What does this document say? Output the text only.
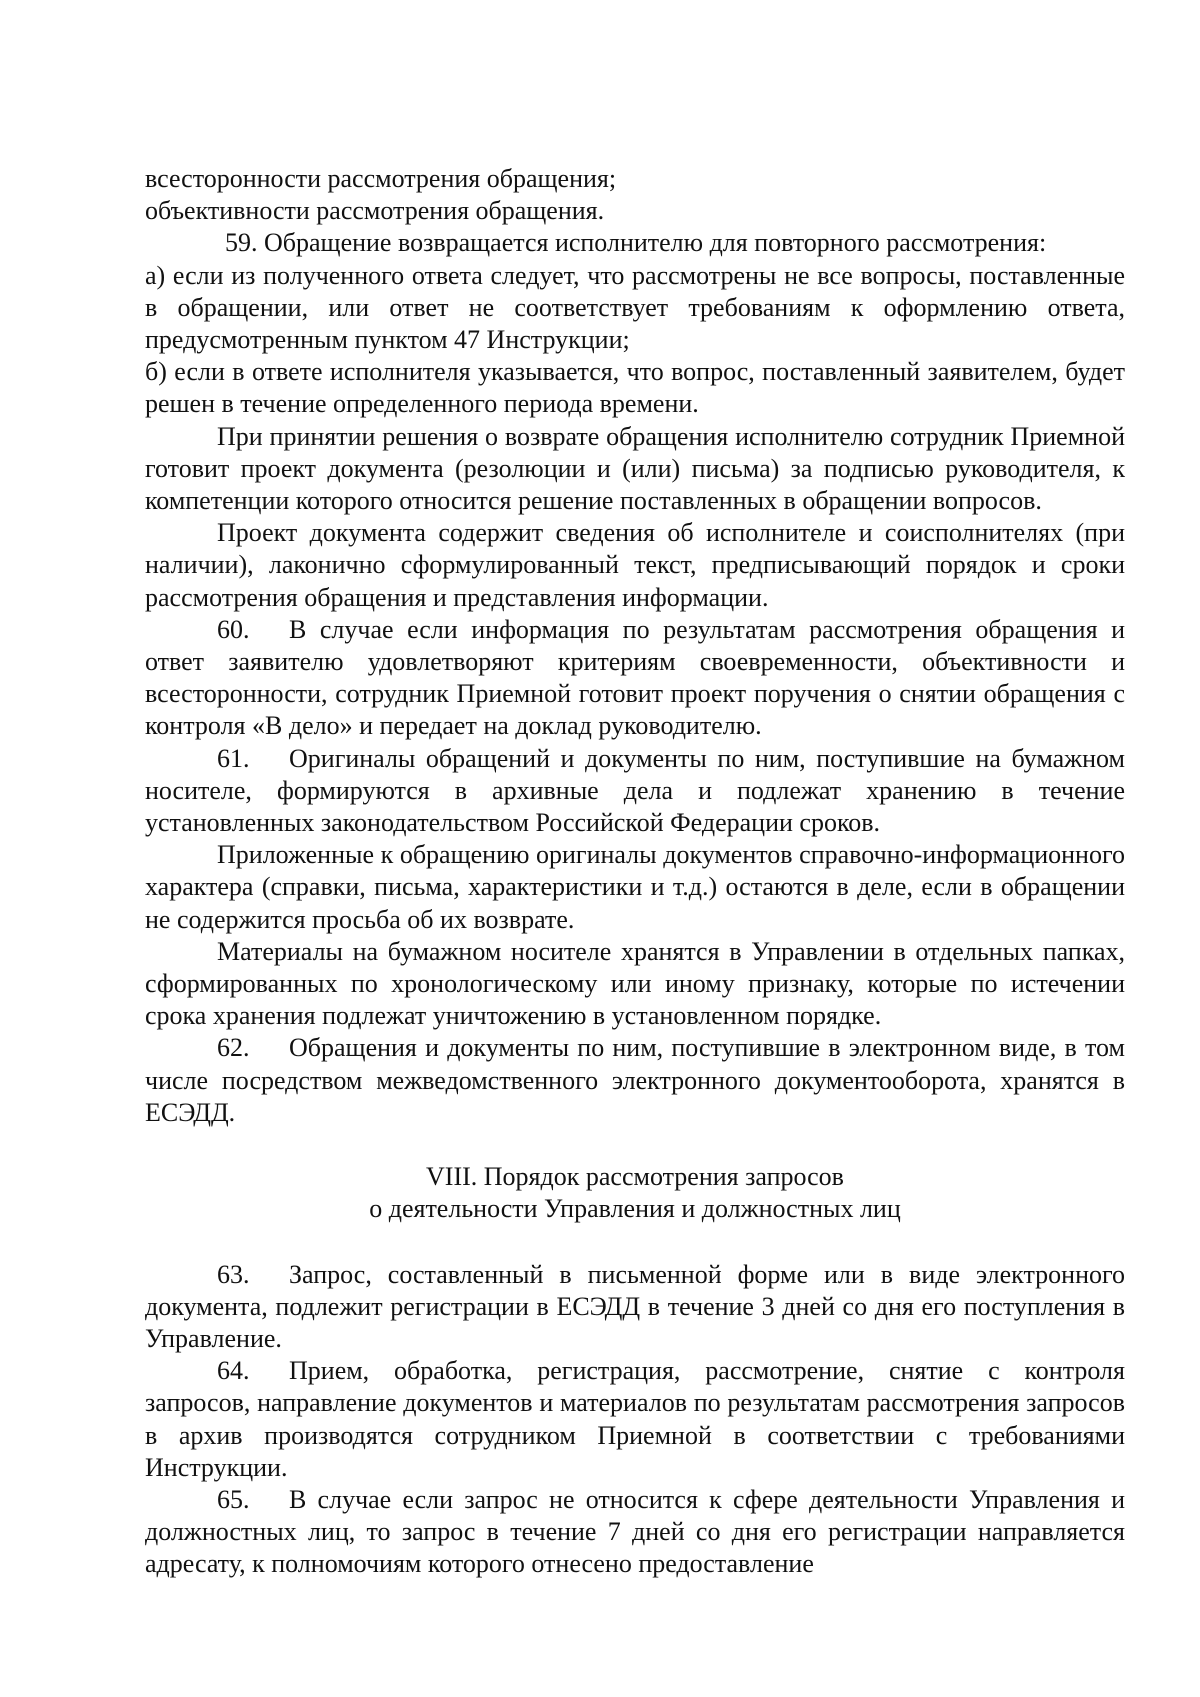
всесторонности рассмотрения обращения;

объективности рассмотрения обращения.

59. Обращение возвращается исполнителю для повторного рассмотрения:

а) если из полученного ответа следует, что рассмотрены не все вопросы, поставленные в обращении, или ответ не соответствует требованиям к оформлению ответа, предусмотренным пунктом 47 Инструкции;

б) если в ответе исполнителя указывается, что вопрос, поставленный заявителем, будет решен в течение определенного периода времени.

При принятии решения о возврате обращения исполнителю сотрудник Приемной готовит проект документа (резолюции и (или) письма) за подписью руководителя, к компетенции которого относится решение поставленных в обращении вопросов.

Проект документа содержит сведения об исполнителе и соисполнителях (при наличии), лаконично сформулированный текст, предписывающий порядок и сроки рассмотрения обращения и представления информации.

60. В случае если информация по результатам рассмотрения обращения и ответ заявителю удовлетворяют критериям своевременности, объективности и всесторонности, сотрудник Приемной готовит проект поручения о снятии обращения с контроля «В дело» и передает на доклад руководителю.

61. Оригиналы обращений и документы по ним, поступившие на бумажном носителе, формируются в архивные дела и подлежат хранению в течение установленных законодательством Российской Федерации сроков.

Приложенные к обращению оригиналы документов справочно-информационного характера (справки, письма, характеристики и т.д.) остаются в деле, если в обращении не содержится просьба об их возврате.

Материалы на бумажном носителе хранятся в Управлении в отдельных папках, сформированных по хронологическому или иному признаку, которые по истечении срока хранения подлежат уничтожению в установленном порядке.

62. Обращения и документы по ним, поступившие в электронном виде, в том числе посредством межведомственного электронного документооборота, хранятся в ЕСЭДД.

VIII. Порядок рассмотрения запросов
о деятельности Управления и должностных лиц

63. Запрос, составленный в письменной форме или в виде электронного документа, подлежит регистрации в ЕСЭДД в течение 3 дней со дня его поступления в Управление.

64. Прием, обработка, регистрация, рассмотрение, снятие с контроля запросов, направление документов и материалов по результатам рассмотрения запросов в архив производятся сотрудником Приемной в соответствии с требованиями Инструкции.

65. В случае если запрос не относится к сфере деятельности Управления и должностных лиц, то запрос в течение 7 дней со дня его регистрации направляется адресату, к полномочиям которого отнесено предоставление
